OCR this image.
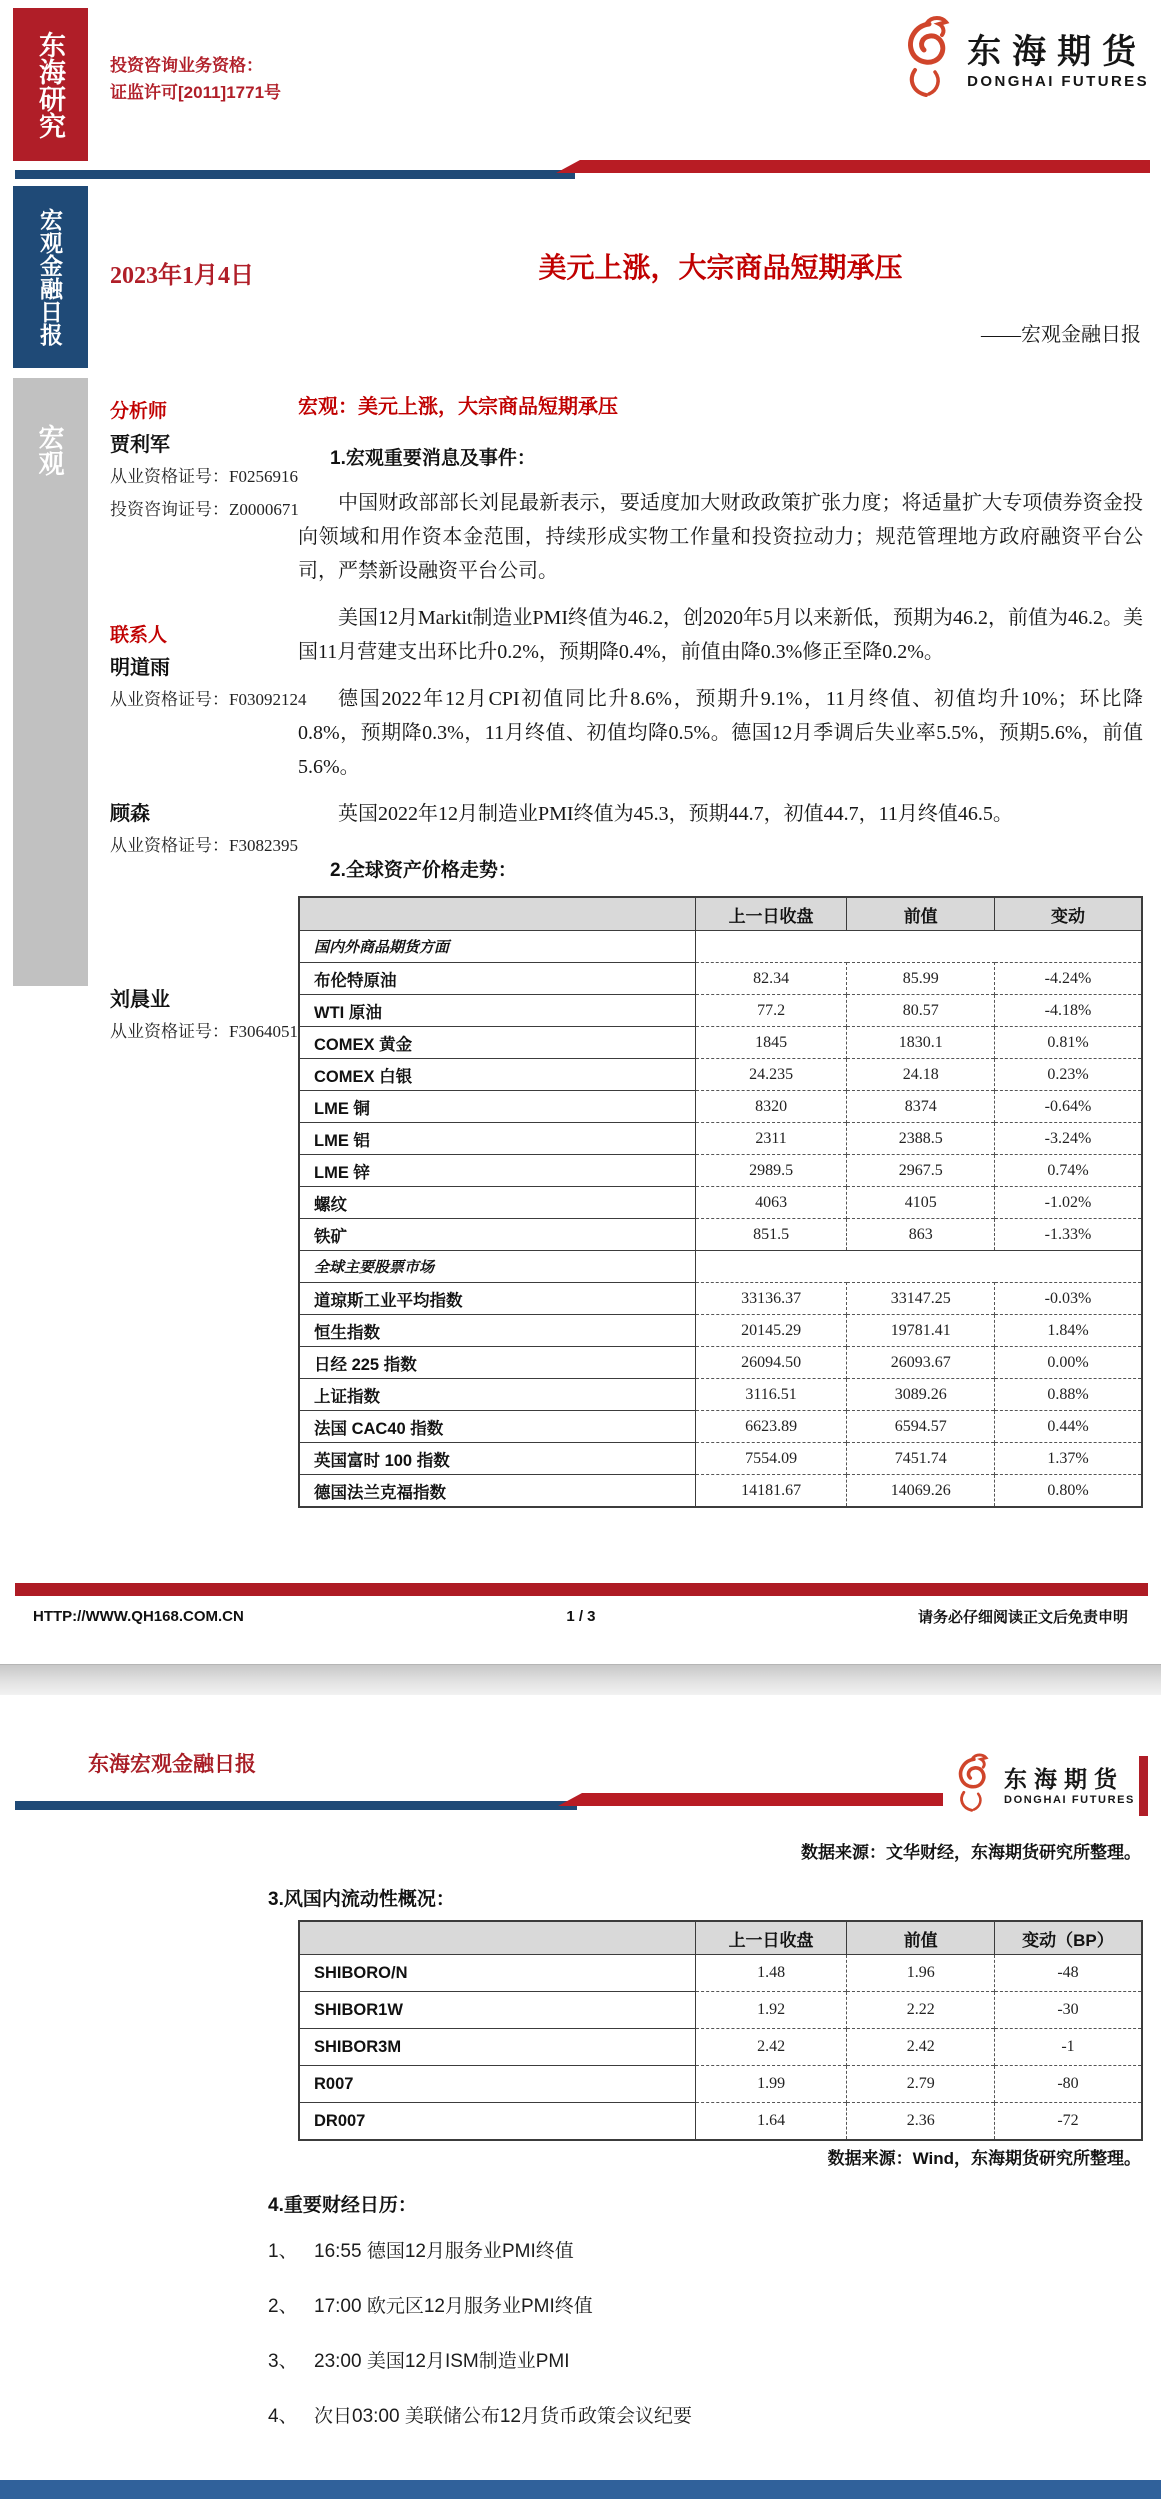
东海研究
宏观金融日报
宏观
投资咨询业务资格：
证监许可[2011]1771号
东海期货
DONGHAI FUTURES
2023年1月4日	美元上涨，大宗商品短期承压
——宏观金融日报
分析师
贾利军
从业资格证号：F0256916
投资咨询证号：Z0000671
联系人
明道雨
从业资格证号：F03092124
顾森
从业资格证号：F3082395
刘晨业
从业资格证号：F3064051
宏观：美元上涨，大宗商品短期承压
1.宏观重要消息及事件：

中国财政部部长刘昆最新表示，要适度加大财政政策扩张力度；将适量扩大专项债券资金投向领域和用作资本金范围，持续形成实物工作量和投资拉动力；规范管理地方政府融资平台公司，严禁新设融资平台公司。

美国12月Markit制造业PMI终值为46.2，创2020年5月以来新低，预期为46.2，前值为46.2。美国11月营建支出环比升0.2%，预期降0.4%，前值由降0.3%修正至降0.2%。

德国2022年12月CPI初值同比升8.6%，预期升9.1%，11月终值、初值均升10%；环比降0.8%，预期降0.3%，11月终值、初值均降0.5%。德国12月季调后失业率5.5%，预期5.6%，前值5.6%。

英国2022年12月制造业PMI终值为45.3，预期44.7，初值44.7，11月终值46.5。

2.全球资产价格走势：
	上一日收盘	前值	变动
国内外商品期货方面			
布伦特原油	82.34	85.99	-4.24%
WTI 原油	77.2	80.57	-4.18%
COMEX 黄金	1845	1830.1	0.81%
COMEX 白银	24.235	24.18	0.23%
LME 铜	8320	8374	-0.64%
LME 铝	2311	2388.5	-3.24%
LME 锌	2989.5	2967.5	0.74%
螺纹	4063	4105	-1.02%
铁矿	851.5	863	-1.33%
全球主要股票市场			
道琼斯工业平均指数	33136.37	33147.25	-0.03%
恒生指数	20145.29	19781.41	1.84%
日经 225 指数	26094.50	26093.67	0.00%
上证指数	3116.51	3089.26	0.88%
法国 CAC40 指数	6623.89	6594.57	0.44%
英国富时 100 指数	7554.09	7451.74	1.37%
德国法兰克福指数	14181.67	14069.26	0.80%
HTTP://WWW.QH168.COM.CN	1 / 3	请务必仔细阅读正文后免责申明
东海宏观金融日报
东海期货
DONGHAI FUTURES
数据来源：文华财经，东海期货研究所整理。
3.风国内流动性概况：
	上一日收盘	前值	变动（BP）
SHIBORO/N	1.48	1.96	-48
SHIBOR1W	1.92	2.22	-30
SHIBOR3M	2.42	2.42	-1
R007	1.99	2.79	-80
DR007	1.64	2.36	-72
数据来源：Wind，东海期货研究所整理。
4.重要财经日历：
1、 16:55 德国12月服务业PMI终值
2、 17:00 欧元区12月服务业PMI终值
3、 23:00 美国12月ISM制造业PMI
4、 次日03:00 美联储公布12月货币政策会议纪要
